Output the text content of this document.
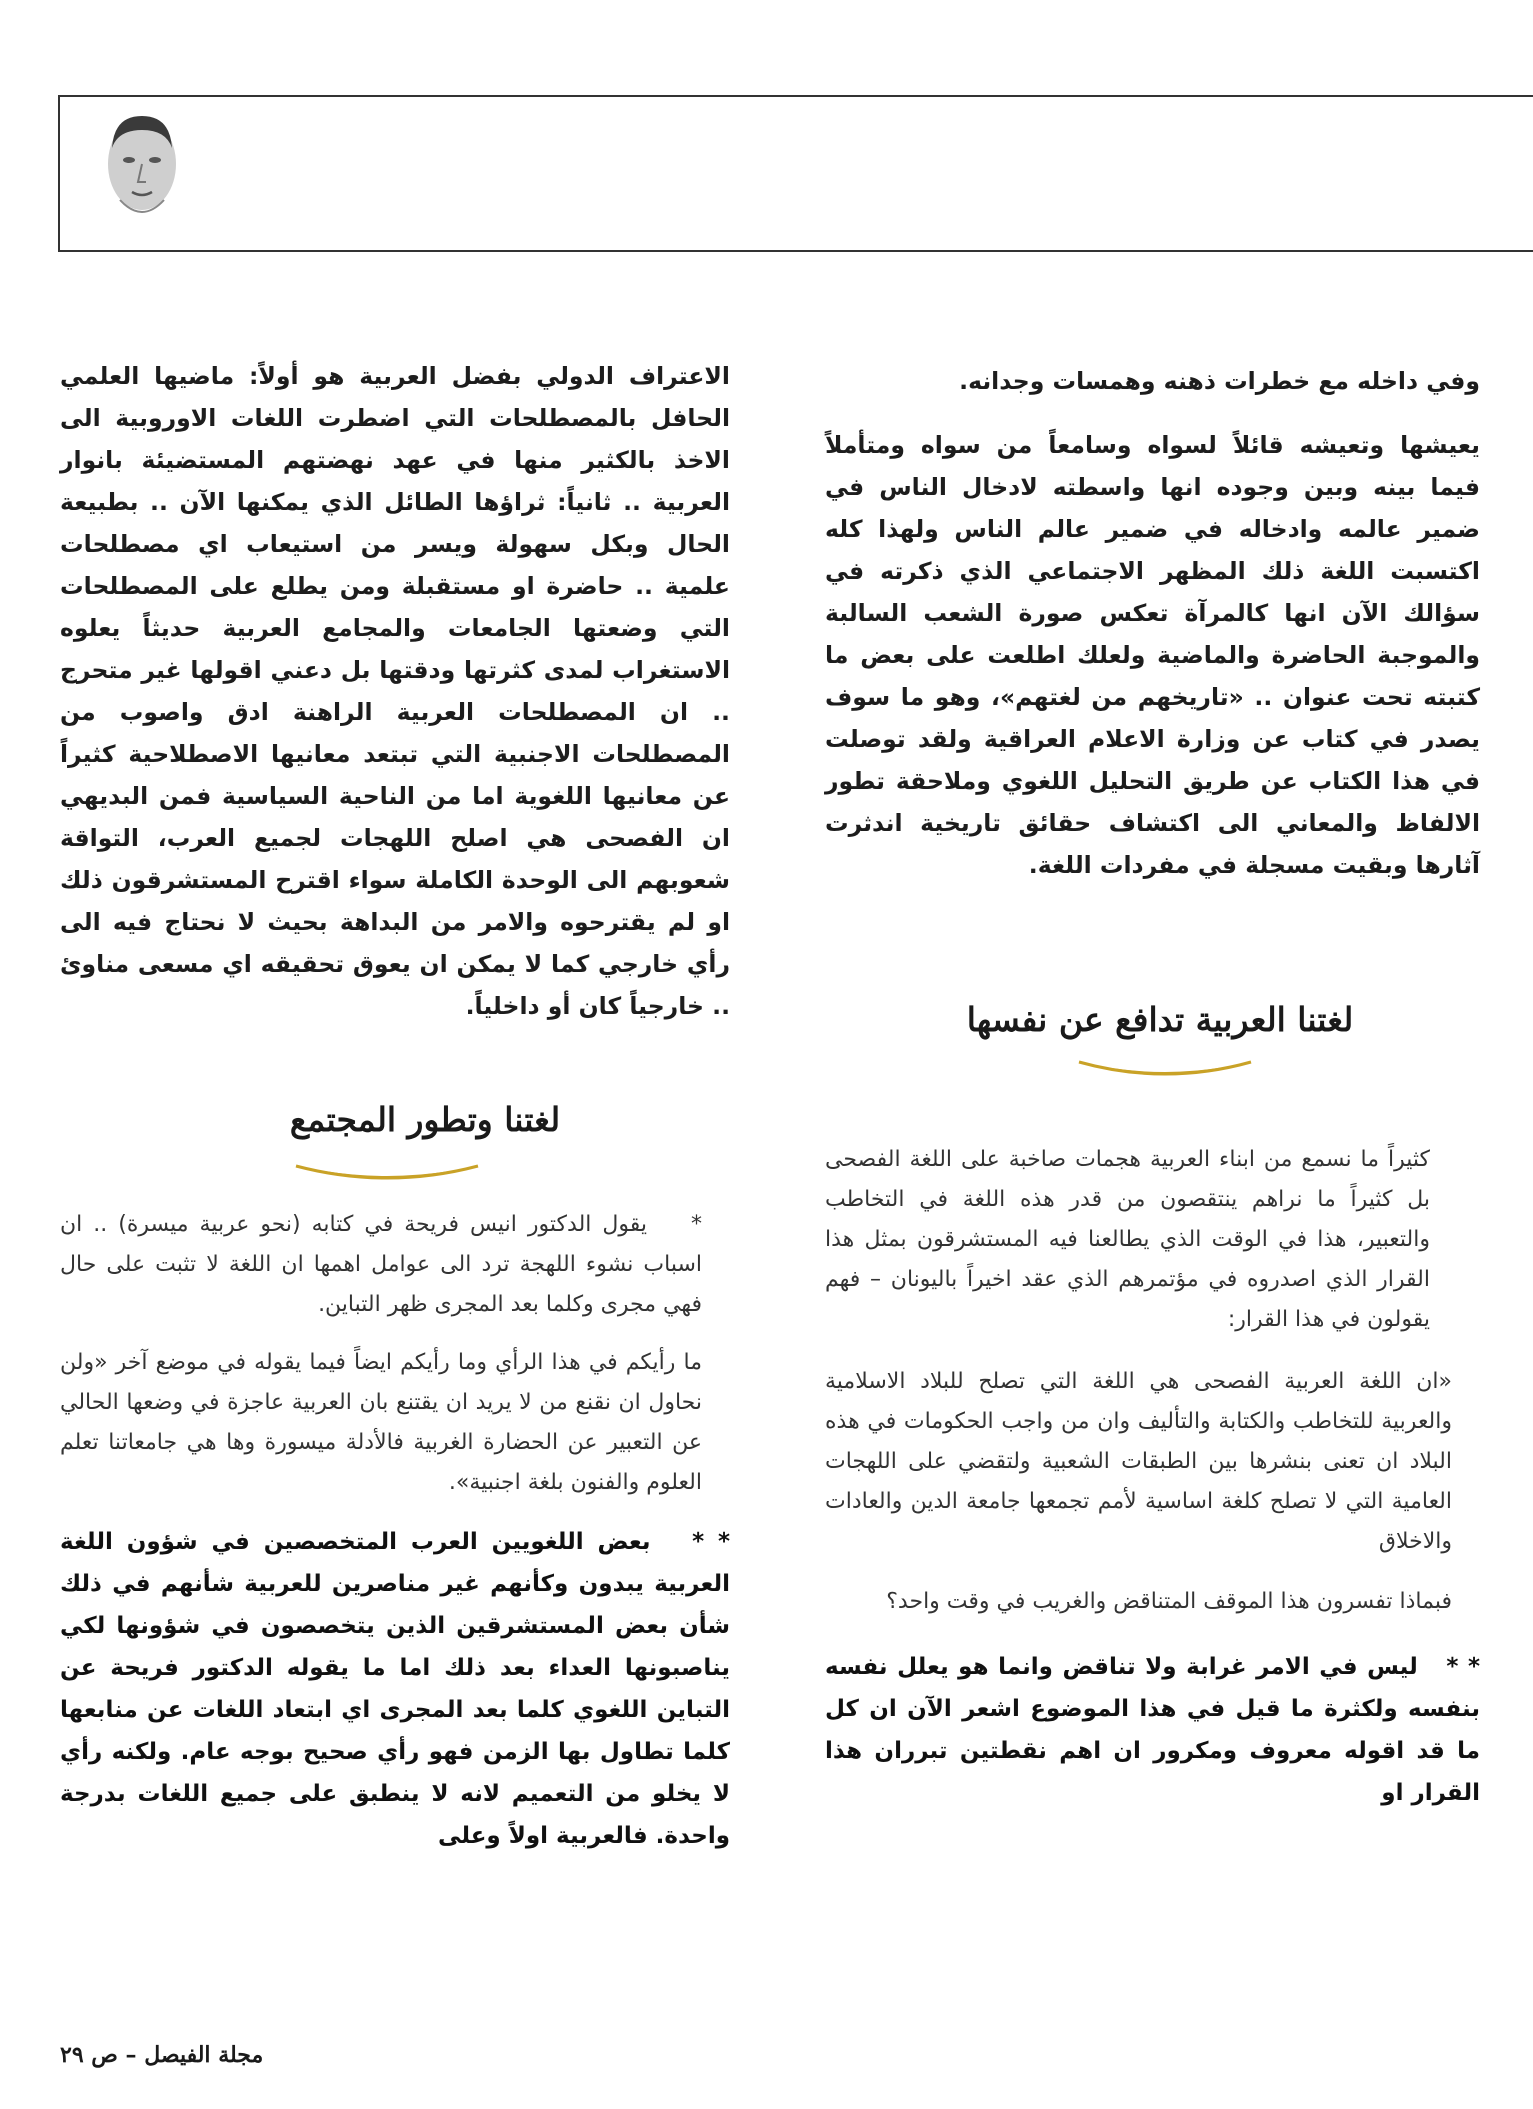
وفي داخله مع خطرات ذهنه وهمسات وجدانه.

يعيشها وتعيشه قائلاً لسواه وسامعاً من سواه ومتأملاً فيما بينه وبين وجوده انها واسطته لادخال الناس في ضمير عالمه وادخاله في ضمير عالم الناس ولهذا كله اكتسبت اللغة ذلك المظهر الاجتماعي الذي ذكرته في سؤالك الآن انها كالمرآة تعكس صورة الشعب السالبة والموجبة الحاضرة والماضية ولعلك اطلعت على بعض ما كتبته تحت عنوان .. «تاريخهم من لغتهم»، وهو ما سوف يصدر في كتاب عن وزارة الاعلام العراقية ولقد توصلت في هذا الكتاب عن طريق التحليل اللغوي وملاحقة تطور الالفاظ والمعاني الى اكتشاف حقائق تاريخية اندثرت آثارها وبقيت مسجلة في مفردات اللغة.

لغتنا العربية تدافع عن نفسها

كثيراً ما نسمع من ابناء العربية هجمات صاخبة على اللغة الفصحى بل كثيراً ما نراهم ينتقصون من قدر هذه اللغة في التخاطب والتعبير، هذا في الوقت الذي يطالعنا فيه المستشرقون بمثل هذا القرار الذي اصدروه في مؤتمرهم الذي عقد اخيراً باليونان – فهم يقولون في هذا القرار:

«ان اللغة العربية الفصحى هي اللغة التي تصلح للبلاد الاسلامية والعربية للتخاطب والكتابة والتأليف وان من واجب الحكومات في هذه البلاد ان تعنى بنشرها بين الطبقات الشعبية ولتقضي على اللهجات العامية التي لا تصلح كلغة اساسية لأمم تجمعها جامعة الدين والعادات والاخلاق

فبماذا تفسرون هذا الموقف المتناقض والغريب في وقت واحد؟

* *   ليس في الامر غرابة ولا تناقض وانما هو يعلل نفسه بنفسه ولكثرة ما قيل في هذا الموضوع اشعر الآن ان كل ما قد اقوله معروف ومكرور ان اهم نقطتين تبرران هذا القرار او

الاعتراف الدولي بفضل العربية هو أولاً: ماضيها العلمي الحافل بالمصطلحات التي اضطرت اللغات الاوروبية الى الاخذ بالكثير منها في عهد نهضتهم المستضيئة بانوار العربية .. ثانياً: ثراؤها الطائل الذي يمكنها الآن .. بطبيعة الحال وبكل سهولة ويسر من استيعاب اي مصطلحات علمية .. حاضرة او مستقبلة ومن يطلع على المصطلحات التي وضعتها الجامعات والمجامع العربية حديثاً يعلوه الاستغراب لمدى كثرتها ودقتها بل دعني اقولها غير متحرج .. ان المصطلحات العربية الراهنة ادق واصوب من المصطلحات الاجنبية التي تبتعد معانيها الاصطلاحية كثيراً عن معانيها اللغوية اما من الناحية السياسية فمن البديهي ان الفصحى هي اصلح اللهجات لجميع العرب، التواقة شعوبهم الى الوحدة الكاملة سواء اقترح المستشرقون ذلك او لم يقترحوه والامر من البداهة بحيث لا نحتاج فيه الى رأي خارجي كما لا يمكن ان يعوق تحقيقه اي مسعى مناوئ .. خارجياً كان أو داخلياً.

لغتنا وتطور المجتمع

*    يقول الدكتور انيس فريحة في كتابه (نحو عربية ميسرة) .. ان اسباب نشوء اللهجة ترد الى عوامل اهمها ان اللغة لا تثبت على حال فهي مجرى وكلما بعد المجرى ظهر التباين.

ما رأيكم في هذا الرأي وما رأيكم ايضاً فيما يقوله في موضع آخر «ولن نحاول ان نقنع من لا يريد ان يقتنع بان العربية عاجزة في وضعها الحالي عن التعبير عن الحضارة الغربية فالأدلة ميسورة وها هي جامعاتنا تعلم العلوم والفنون بلغة اجنبية».

* *   بعض اللغويين العرب المتخصصين في شؤون اللغة العربية يبدون وكأنهم غير مناصرين للعربية شأنهم في ذلك شأن بعض المستشرقين الذين يتخصصون في شؤونها لكي يناصبونها العداء بعد ذلك اما ما يقوله الدكتور فريحة عن التباين اللغوي كلما بعد المجرى اي ابتعاد اللغات عن منابعها كلما تطاول بها الزمن فهو رأي صحيح بوجه عام. ولكنه رأي لا يخلو من التعميم لانه لا ينطبق على جميع اللغات بدرجة واحدة. فالعربية اولاً وعلى

مجلة الفيصل – ص ٢٩
